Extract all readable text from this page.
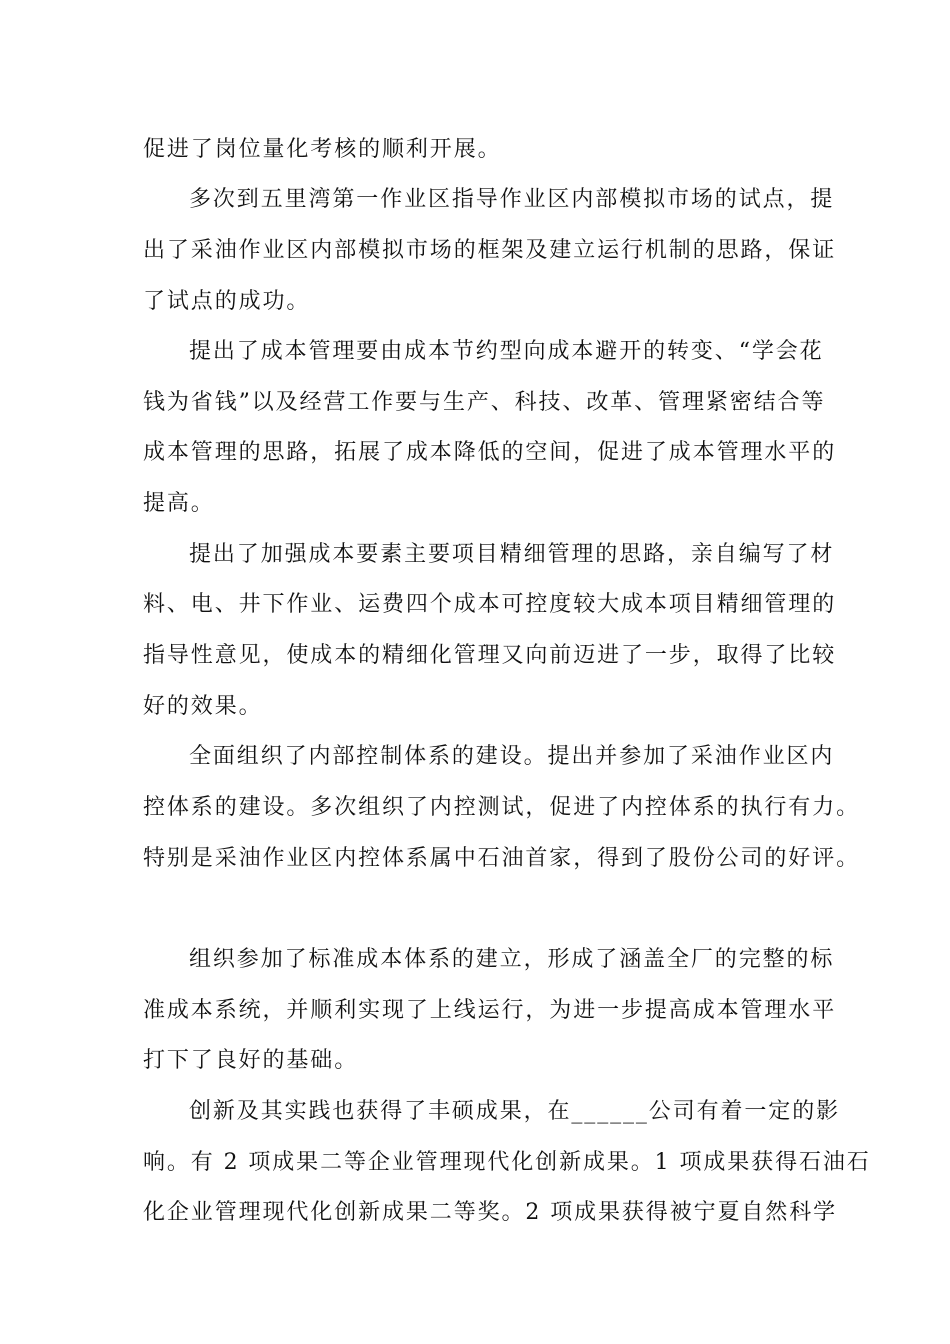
促进了岗位量化考核的顺利开展。
多次到五里湾第一作业区指导作业区内部模拟市场的试点，提
出了采油作业区内部模拟市场的框架及建立运行机制的思路，保证
了试点的成功。
提出了成本管理要由成本节约型向成本避开的转变、“学会花
钱为省钱”以及经营工作要与生产、科技、改革、管理紧密结合等
成本管理的思路，拓展了成本降低的空间，促进了成本管理水平的
提高。
提出了加强成本要素主要项目精细管理的思路，亲自编写了材
料、电、井下作业、运费四个成本可控度较大成本项目精细管理的
指导性意见，使成本的精细化管理又向前迈进了一步，取得了比较
好的效果。
全面组织了内部控制体系的建设。提出并参加了采油作业区内
控体系的建设。多次组织了内控测试，促进了内控体系的执行有力。
特别是采油作业区内控体系属中石油首家，得到了股份公司的好评。
组织参加了标准成本体系的建立，形成了涵盖全厂的完整的标
准成本系统，并顺利实现了上线运行，为进一步提高成本管理水平
打下了良好的基础。
创新及其实践也获得了丰硕成果，在______公司有着一定的影
响。有 2 项成果二等企业管理现代化创新成果。1 项成果获得石油石
化企业管理现代化创新成果二等奖。2 项成果获得被宁夏自然科学
